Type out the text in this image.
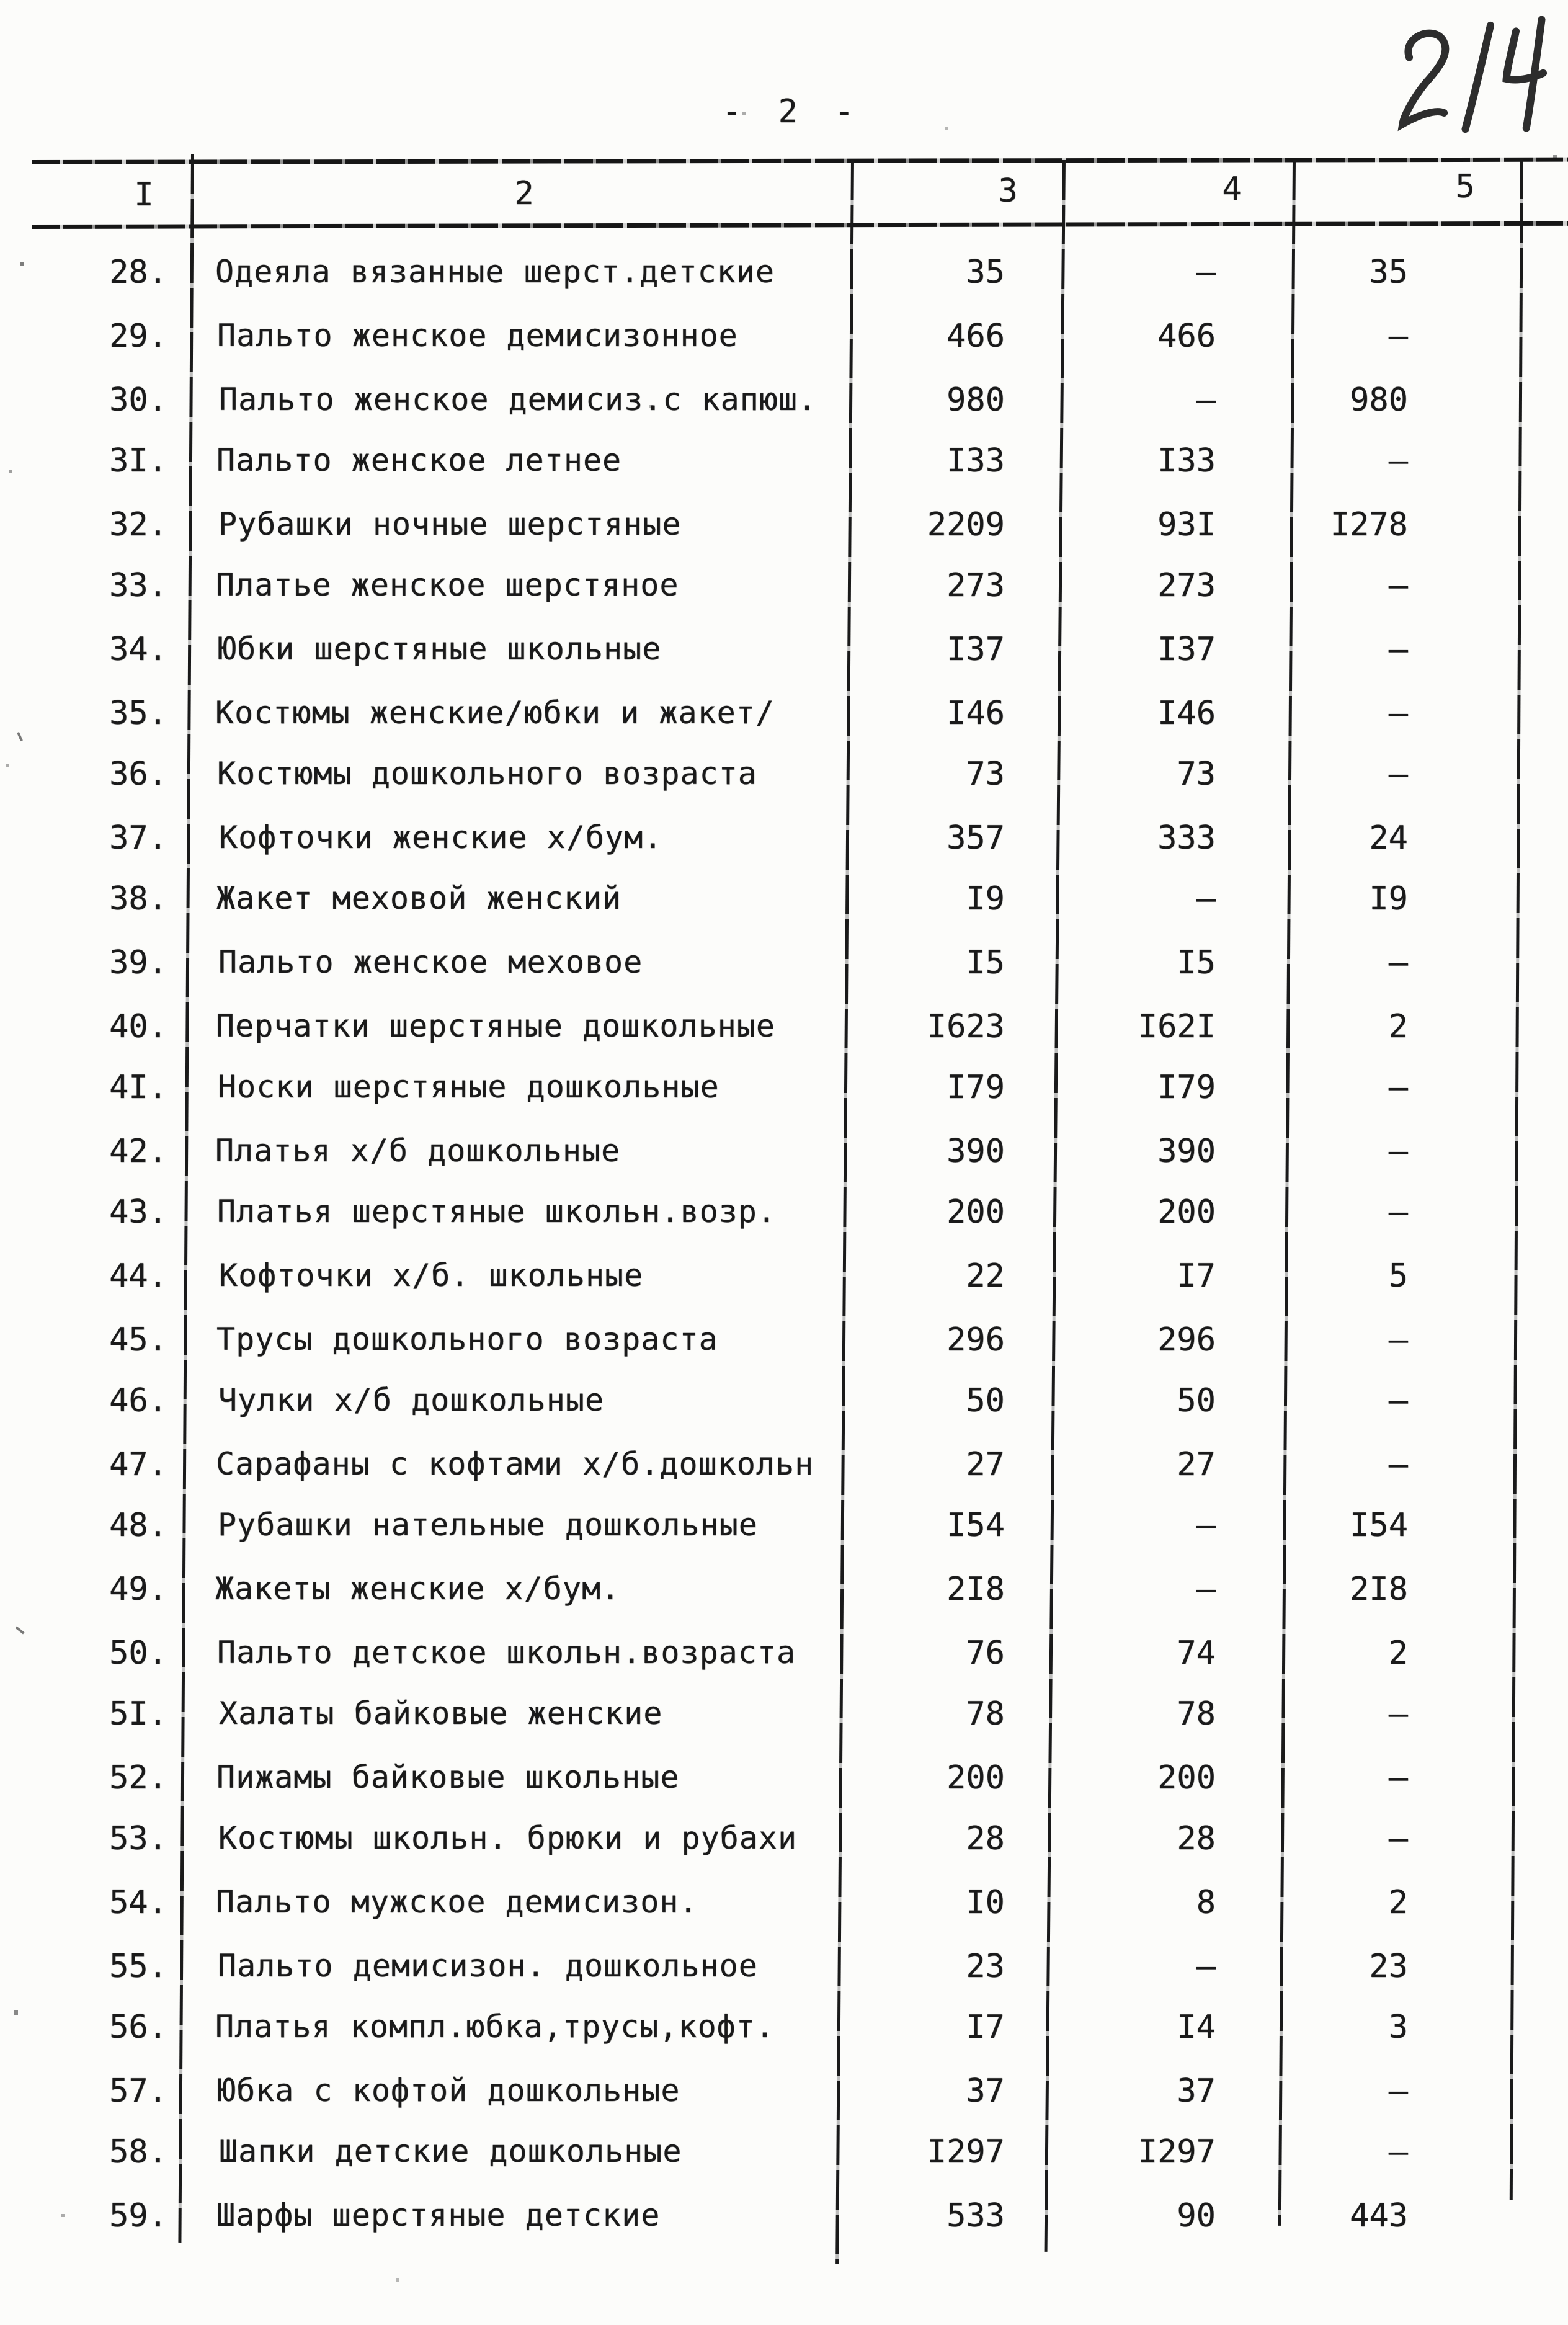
- 2 -
I	2	3	4	5
28. Одеяла вязанные шерст.детские	35	–	35
29. Пальто женское демисизонное	466	466	–
30. Пальто женское демисиз.с капюш.	980	–	980
3I. Пальто женское летнее	I33	I33	–
32. Рубашки ночные шерстяные	2209	93I	I278
33. Платье женское шерстяное	273	273	–
34. Юбки шерстяные школьные	I37	I37	–
35. Костюмы женские/юбки и жакет/	I46	I46	–
36. Костюмы дошкольного возраста	73	73	–
37. Кофточки женские х/бум.	357	333	24
38. Жакет меховой женский	I9	–	I9
39. Пальто женское меховое	I5	I5	–
40. Перчатки шерстяные дошкольные	I623	I62I	2
4I. Носки шерстяные дошкольные	I79	I79	–
42. Платья х/б дошкольные	390	390	–
43. Платья шерстяные школьн.возр.	200	200	–
44. Кофточки х/б. школьные	22	I7	5
45. Трусы дошкольного возраста	296	296	–
46. Чулки х/б дошкольные	50	50	–
47. Сарафаны с кофтами х/б.дошкольн	27	27	–
48. Рубашки нательные дошкольные	I54	–	I54
49. Жакеты женские х/бум.	2I8	–	2I8
50. Пальто детское школьн.возраста	76	74	2
5I. Халаты байковые женские	78	78	–
52. Пижамы байковые школьные	200	200	–
53. Костюмы школьн. брюки и рубахи	28	28	–
54. Пальто мужское демисизон.	I0	8	2
55. Пальто демисизон. дошкольное	23	–	23
56. Платья компл.юбка,трусы,кофт.	I7	I4	3
57. Юбка с кофтой дошкольные	37	37	–
58. Шапки детские дошкольные	I297	I297	–
59. Шарфы шерстяные детские	533	90	443
